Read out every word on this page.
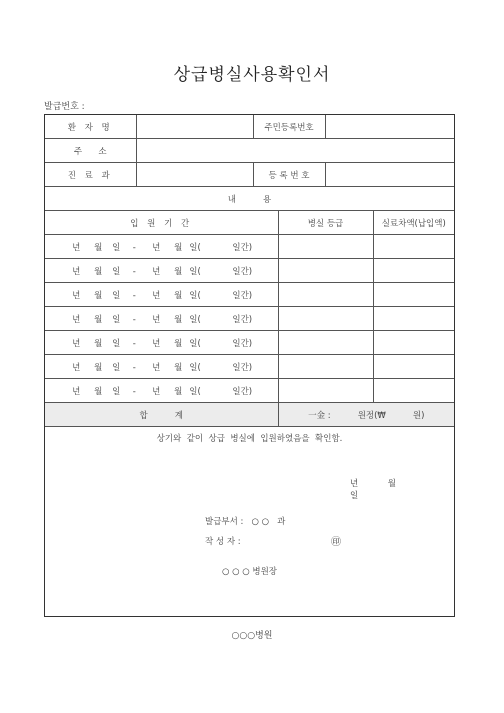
상급병실사용확인서
발급번호 :
환 자 명		주민등록번호			
주      소					
진 료 과		등 록 번 호			
내          용					
입 원 기 간			병실 등급		실료차액(납입액)
년 월 일 - 년 월 일( 일간)					
년 월 일 - 년 월 일( 일간)					
년 월 일 - 년 월 일( 일간)					
년 월 일 - 년 월 일( 일간)					
년 월 일 - 년 월 일( 일간)					
년 월 일 - 년 월 일( 일간)					
년 월 일 - 년 월 일( 일간)					
합          계			一金 :          원정(₩          원)		
상기와  같이  상급  병실에  입원하였음을  확인함.
년	월 일
발급부서 :   ○ ○   과
작 성 자 :	㊞
○ ○ ○ 병원장
○○○병원
